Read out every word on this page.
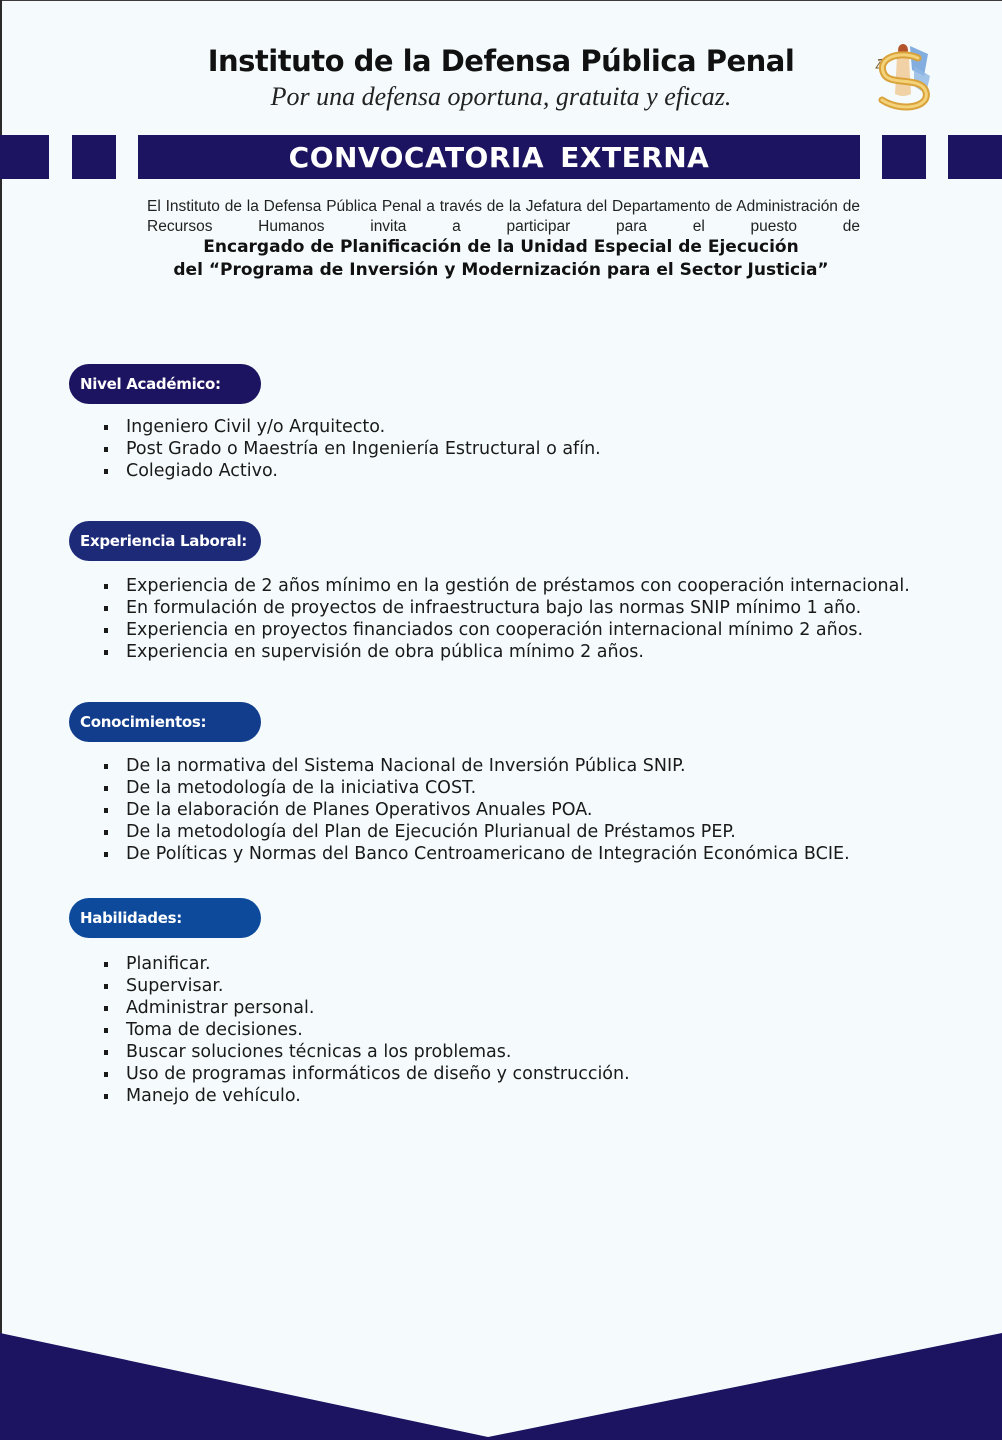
Instituto de la Defensa Pública Penal
Por una defensa oportuna, gratuita y eficaz.
CONVOCATORIA EXTERNA
El Instituto de la Defensa Pública Penal a través de la Jefatura del Departamento de Administración de Recursos Humanos invita a participar para el puesto de
Encargado de Planificación de la Unidad Especial de Ejecución
del “Programa de Inversión y Modernización para el Sector Justicia”
Nivel Académico:
Ingeniero Civil y/o Arquitecto.
Post Grado o Maestría en Ingeniería Estructural o afín.
Colegiado Activo.
Experiencia Laboral:
Experiencia de 2 años mínimo en la gestión de préstamos con cooperación internacional.
En formulación de proyectos de infraestructura bajo las normas SNIP mínimo 1 año.
Experiencia en proyectos financiados con cooperación internacional mínimo 2 años.
Experiencia en supervisión de obra pública mínimo 2 años.
Conocimientos:
De la normativa del Sistema Nacional de Inversión Pública SNIP.
De la metodología de la iniciativa COST.
De la elaboración de Planes Operativos Anuales POA.
De la metodología del Plan de Ejecución Plurianual de Préstamos PEP.
De Políticas y Normas del Banco Centroamericano de Integración Económica BCIE.
Habilidades:
Planificar.
Supervisar.
Administrar personal.
Toma de decisiones.
Buscar soluciones técnicas a los problemas.
Uso de programas informáticos de diseño y construcción.
Manejo de vehículo.
